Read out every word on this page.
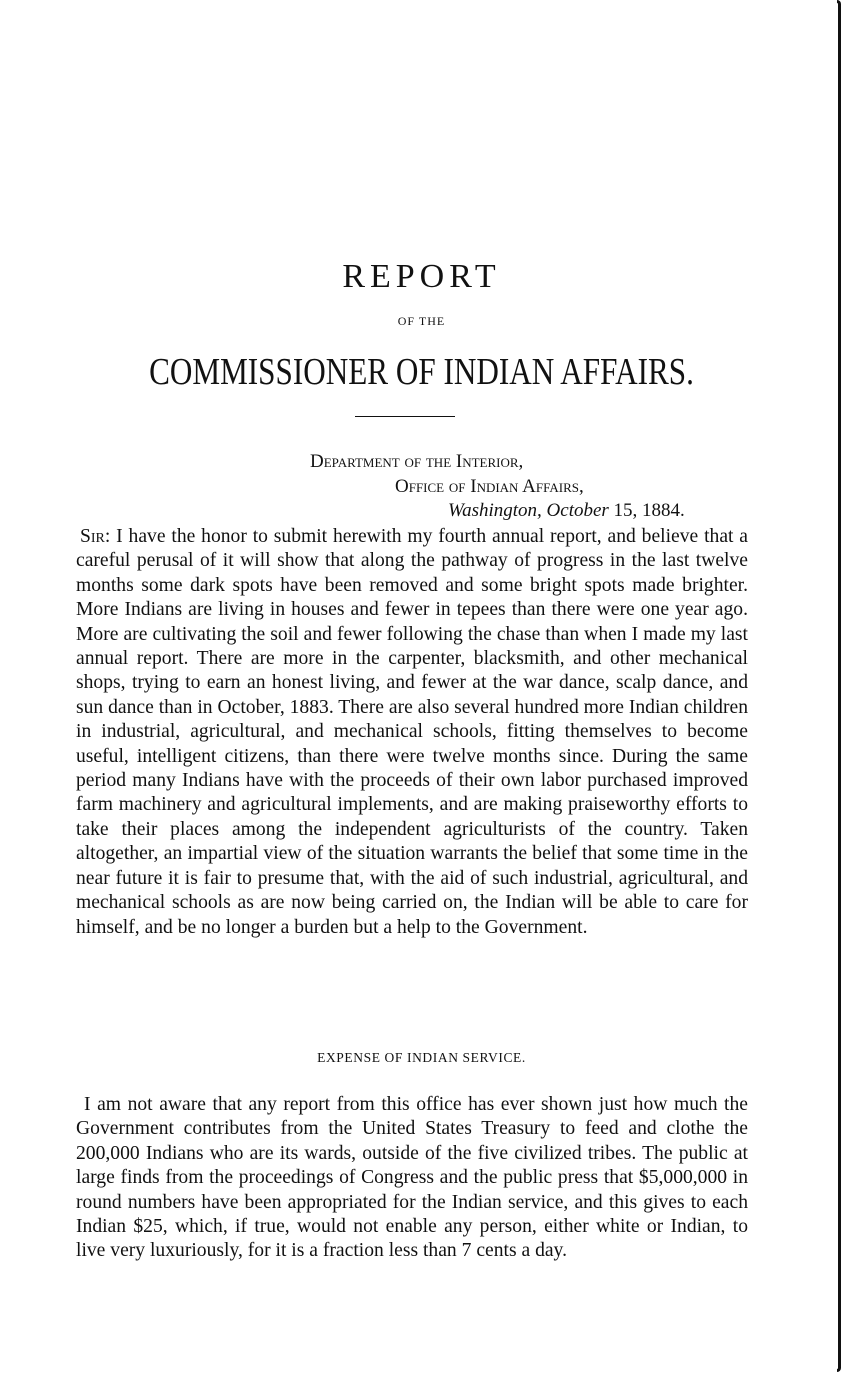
REPORT
OF THE
COMMISSIONER OF INDIAN AFFAIRS.
Department of the Interior,
Office of Indian Affairs,
Washington, October 15, 1884.

Sir: I have the honor to submit herewith my fourth annual report, and believe that a careful perusal of it will show that along the pathway of progress in the last twelve months some dark spots have been removed and some bright spots made brighter. More Indians are living in houses and fewer in tepees than there were one year ago. More are cultivating the soil and fewer following the chase than when I made my last annual report. There are more in the carpenter, blacksmith, and other mechanical shops, trying to earn an honest living, and fewer at the war dance, scalp dance, and sun dance than in October, 1883. There are also several hundred more Indian children in industrial, agricultural, and mechanical schools, fitting themselves to become useful, intelligent citizens, than there were twelve months since. During the same period many Indians have with the proceeds of their own labor purchased improved farm machinery and agricultural implements, and are making praiseworthy efforts to take their places among the independent agriculturists of the country. Taken altogether, an impartial view of the situation warrants the belief that some time in the near future it is fair to presume that, with the aid of such industrial, agricultural, and mechanical schools as are now being carried on, the Indian will be able to care for himself, and be no longer a burden but a help to the Government.

EXPENSE OF INDIAN SERVICE.

I am not aware that any report from this office has ever shown just how much the Government contributes from the United States Treasury to feed and clothe the 200,000 Indians who are its wards, outside of the five civilized tribes. The public at large finds from the proceedings of Congress and the public press that $5,000,000 in round numbers have been appropriated for the Indian service, and this gives to each Indian $25, which, if true, would not enable any person, either white or Indian, to live very luxuriously, for it is a fraction less than 7 cents a day.
